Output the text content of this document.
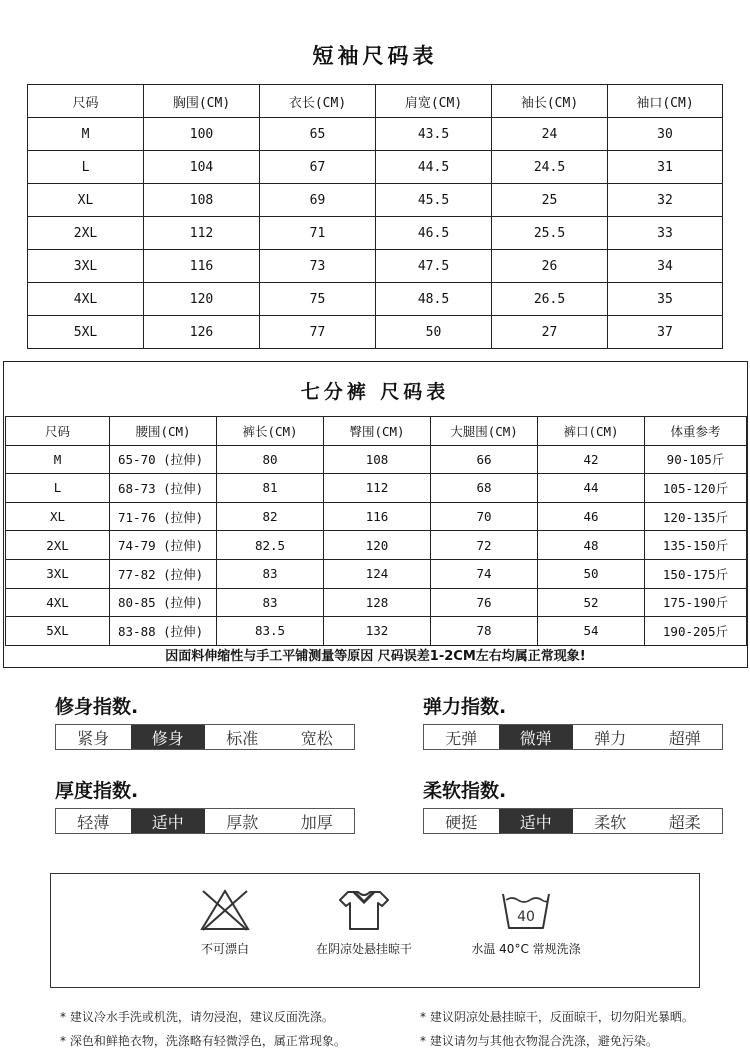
短袖尺码表
尺码	胸围(CM)	衣长(CM)	肩宽(CM)	袖长(CM)	袖口(CM)
M	100	65	43.5	24	30
L	104	67	44.5	24.5	31
XL	108	69	45.5	25	32
2XL	112	71	46.5	25.5	33
3XL	116	73	47.5	26	34
4XL	120	75	48.5	26.5	35
5XL	126	77	50	27	37
七分裤 尺码表
尺码	腰围(CM)	裤长(CM)	臀围(CM)	大腿围(CM)	裤口(CM)	体重参考
M	65-70 (拉伸)	80	108	66	42	90-105斤
L	68-73 (拉伸)	81	112	68	44	105-120斤
XL	71-76 (拉伸)	82	116	70	46	120-135斤
2XL	74-79 (拉伸)	82.5	120	72	48	135-150斤
3XL	77-82 (拉伸)	83	124	74	50	150-175斤
4XL	80-85 (拉伸)	83	128	76	52	175-190斤
5XL	83-88 (拉伸)	83.5	132	78	54	190-205斤
因面料伸缩性与手工平铺测量等原因 尺码误差1-2CM左右均属正常现象!
修身指数.
紧身	修身	标准	宽松
弹力指数.
无弹	微弹	弹力	超弹
厚度指数.
轻薄	适中	厚款	加厚
柔软指数.
硬挺	适中	柔软	超柔
不可漂白	在阴凉处悬挂晾干
40
水温 40°C 常规洗涤
* 建议冷水手洗或机洗，请勿浸泡，建议反面洗涤。
* 深色和鲜艳衣物，洗涤略有轻微浮色，属正常现象。
* 建议阴凉处悬挂晾干，反面晾干，切勿阳光暴晒。
* 建议请勿与其他衣物混合洗涤，避免污染。
